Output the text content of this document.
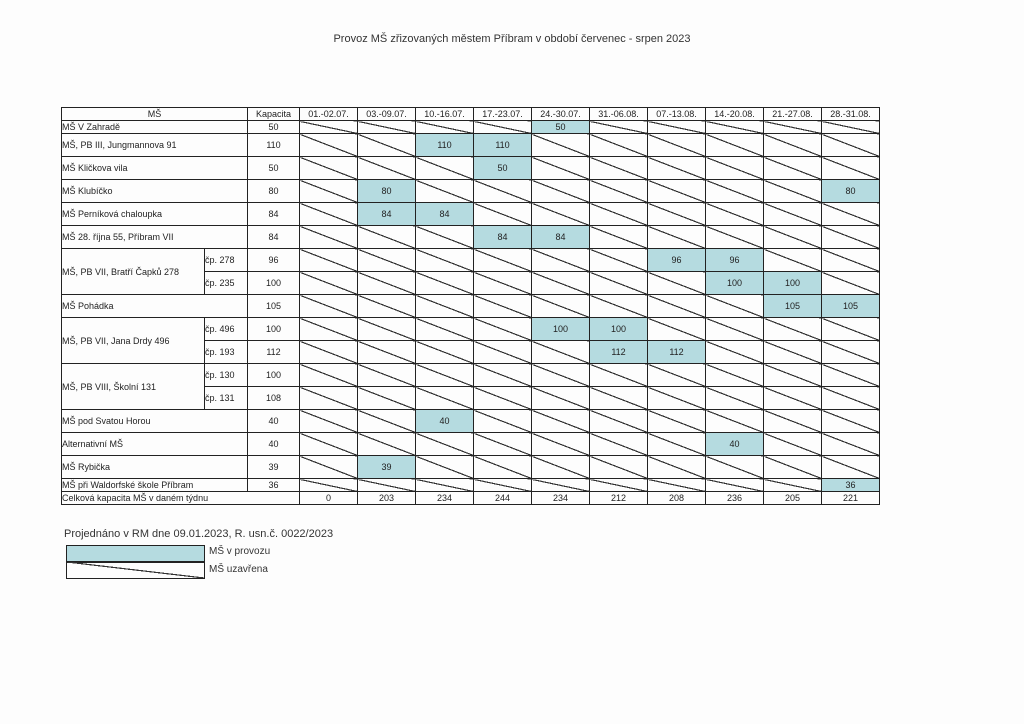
Provoz MŠ zřizovaných městem Příbram v období červenec - srpen 2023
MŠ		Kapacita	01.-02.07.	03.-09.07.	10.-16.07.	17.-23.07.	24.-30.07.	31.-06.08.	07.-13.08.	14.-20.08.	21.-27.08.	28.-31.08.
MŠ V Zahradě		50					50					
MŠ, PB III, Jungmannova 91		110			110	110						
MŠ Kličkova vila		50				50						
MŠ Klubíčko		80		80								80
MŠ Perníková chaloupka		84		84	84							
MŠ 28. října 55, Příbram VII		84				84	84					
MŠ, PB VII, Bratří Čapků 278	čp. 278	96							96	96		
	čp. 235	100								100	100	
MŠ Pohádka		105									105	105
MŠ, PB VII, Jana Drdy 496	čp. 496	100					100	100				
	čp. 193	112						112	112			
MŠ, PB VIII, Školní 131	čp. 130	100										
	čp. 131	108										
MŠ pod Svatou Horou		40			40							
Alternativní MŠ		40								40		
MŠ Rybička		39		39								
MŠ při Waldorfské škole Příbram		36										36
Celková kapacita MŠ v daném týdnu			0	203	234	244	234	212	208	236	205	221
Projednáno v RM dne 09.01.2023, R. usn.č. 0022/2023
MŠ v provozu
MŠ uzavřena
